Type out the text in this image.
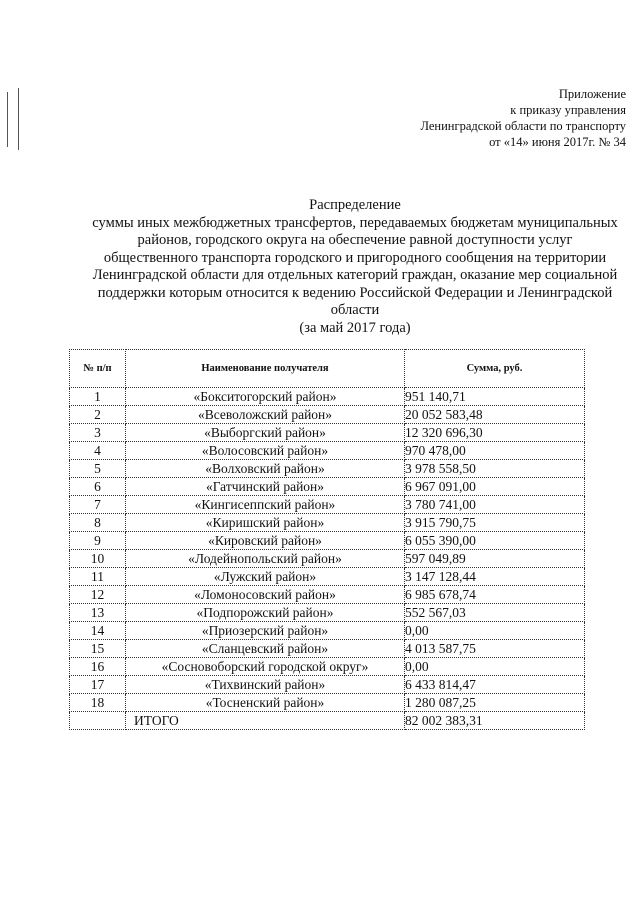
Приложение
к приказу управления
Ленинградской области по транспорту
от «14» июня 2017г. № 34
Распределение
суммы иных межбюджетных трансфертов, передаваемых бюджетам муниципальных
районов, городского округа на обеспечение равной доступности услуг
общественного транспорта городского и пригородного сообщения на территории
Ленинградской области для отдельных категорий граждан, оказание мер социальной
поддержки которым относится к ведению Российской Федерации и Ленинградской
области
(за май 2017 года)
№ п/п	Наименование получателя	Сумма, руб.
1	«Бокситогорский район»	951 140,71
2	«Всеволожский район»	20 052 583,48
3	«Выборгский район»	12 320 696,30
4	«Волосовский район»	970 478,00
5	«Волховский район»	3 978 558,50
6	«Гатчинский район»	6 967 091,00
7	«Кингисеппский район»	3 780 741,00
8	«Киришский район»	3 915 790,75
9	«Кировский район»	6 055 390,00
10	«Лодейнопольский район»	597 049,89
11	«Лужский район»	3 147 128,44
12	«Ломоносовский район»	6 985 678,74
13	«Подпорожский район»	552 567,03
14	«Приозерский район»	0,00
15	«Сланцевский район»	4 013 587,75
16	«Сосновоборский городской округ»	0,00
17	«Тихвинский район»	6 433 814,47
18	«Тосненский район»	1 280 087,25
	ИТОГО	82 002 383,31
